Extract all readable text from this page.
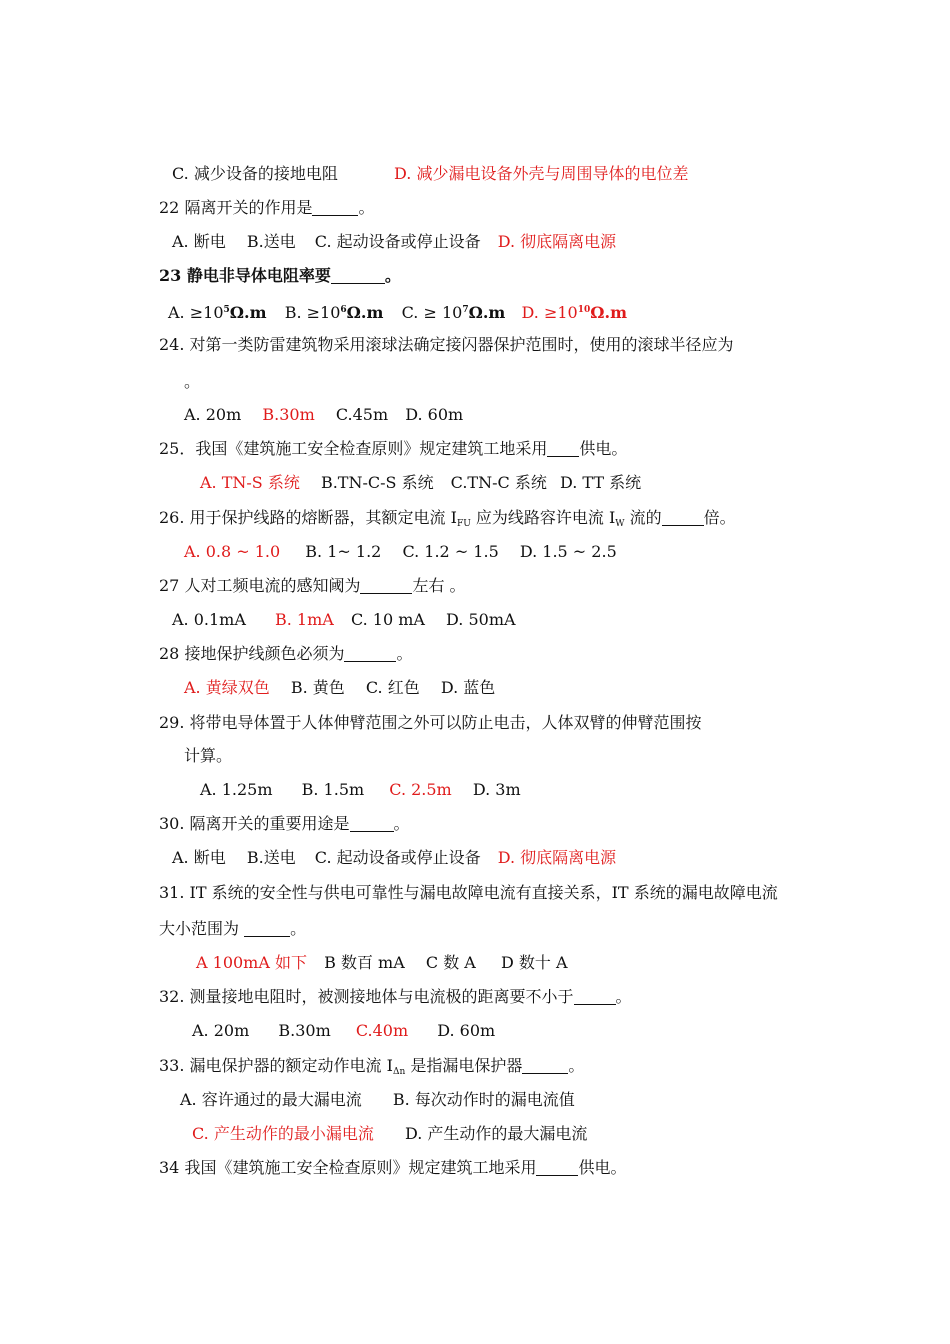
C. 减少设备的接地电阻	D. 减少漏电设备外壳与周围导体的电位差
22 隔离开关的作用是	。
A. 断电 B.送电 C. 起动设备或停止设备 D. 彻底隔离电源
23 静电非导体电阻率要	。
A. $\ge 10^5\Omega.m$ B. $\ge 10^6\Omega.m$ C. ≥ $10^7\Omega.m$ D. $\ge 10^{10}\Omega.m$
24. 对第一类防雷建筑物采用滚球法确定接闪器保护范围时，使用的滚球半径应为
。
A. 20m B.30m C.45m D. 60m
25．我国《建筑施工安全检查原则》规定建筑工地采用 供电。
A. TN-S 系统 B.TN-C-S 系统 C.TN-C 系统 D. TT 系统
26. 用于保护线路的熔断器，其额定电流 $I_{FU}$ 应为线路容许电流 $I_W$ 流的	倍。
A. 0.8 ~ 1.0 B. 1~ 1.2 C. 1.2 ~ 1.5 D. 1.5 ~ 2.5
27 人对工频电流的感知阈为	左右 。
A. 0.1mA B. 1mA C. 10 mA D. 50mA
28 接地保护线颜色必须为	。
A. 黄绿双色 B. 黄色 C. 红色 D. 蓝色
29. 将带电导体置于人体伸臂范围之外可以防止电击，人体双臂的伸臂范围按
计算。
A. 1.25m B. 1.5m C. 2.5m D. 3m
30. 隔离开关的重要用途是	。
A. 断电 B.送电 C. 起动设备或停止设备 D. 彻底隔离电源
31. IT 系统的安全性与供电可靠性与漏电故障电流有直接关系，IT 系统的漏电故障电流
大小范围为	。
A 100mA 如下 B 数百 mA C 数 A D 数十 A
32. 测量接地电阻时，被测接地体与电流极的距离要不小于	。
A. 20m B.30m C.40m D. 60m
33. 漏电保护器的额定动作电流 $I_{\Delta n}$ 是指漏电保护器	。
A. 容许通过的最大漏电流 B. 每次动作时的漏电流值
C. 产生动作的最小漏电流 D. 产生动作的最大漏电流
34 我国《建筑施工安全检查原则》规定建筑工地采用	供电。
